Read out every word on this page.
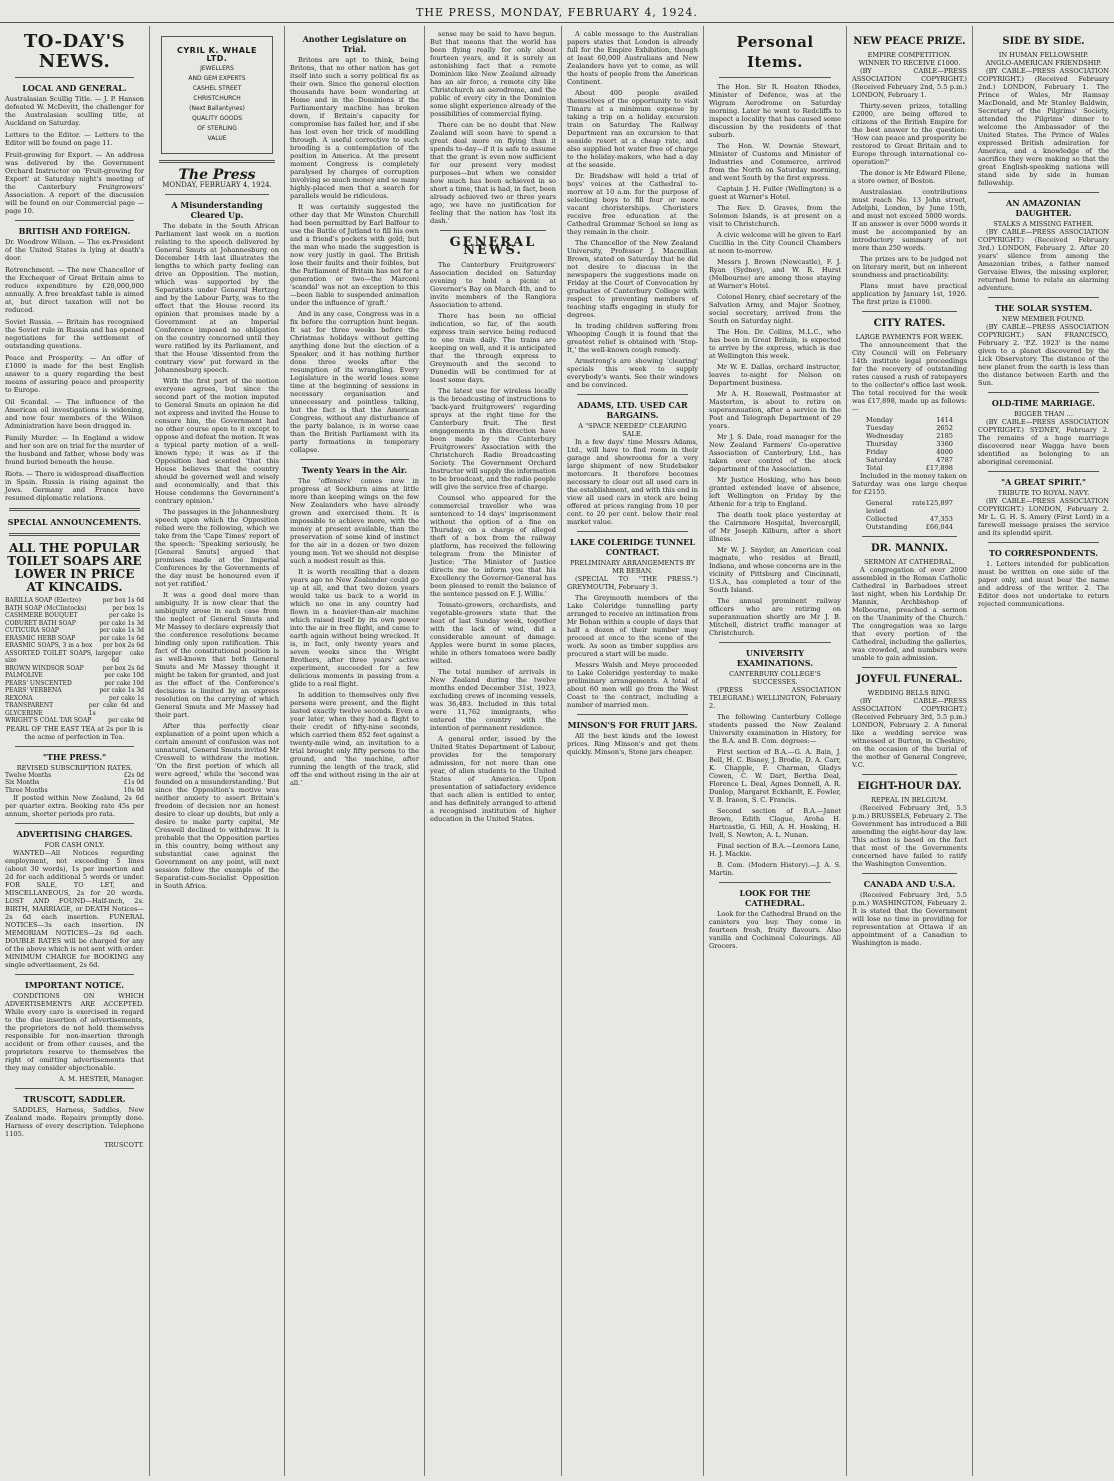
THE PRESS, MONDAY, FEBRUARY 4, 1924.
TO-DAY'S NEWS.
LOCAL AND GENERAL.
Australasian Scullig Title. — J. P. Hanson defeated W. McDevitt, the challenger for the Australasian sculling title, at Auckland on Saturday.
Letters to the Editor. — Letters to the Editor will be found on page 11.
Fruit-growing for Export. — An address was delivered by the Government Orchard Instructor on 'Fruit-growing for Export' at Saturday night's meeting of the Canterbury Fruitgrowers' Association. A report of the discussion will be found on our Commercial page — page 10.
BRITISH AND FOREIGN.
Dr. Woodrow Wilson. — The ex-President of the United States is lying at death's door.
Retrenchment. — The new Chancellor of the Exchequer of Great Britain aims to reduce expenditure by £20,000,000 annually. A free breakfast table is aimed at, but direct taxation will not be reduced.
Soviet Russia. — Britain has recognised the Soviet rule in Russia and has opened negotiations for the settlement of outstanding questions.
Peace and Prosperity. — An offer of £1000 is made for the best English answer to a query regarding the best means of assuring peace and prosperity to Europe.
Oil Scandal. — The influence of the American oil investigations is widening, and now four members of the Wilson Administration have been dragged in.
Family Murder. — In England a widow and her son are on trial for the murder of the husband and father, whose body was found buried beneath the house.
Riots. — There is widespread disaffection in Spain. Russia is rising against the Jews. Germany and France have resumed diplomatic relations.
SPECIAL ANNOUNCEMENTS.
ALL THE POPULAR TOILET SOAPS ARE LOWER IN PRICE AT KINCAIDS.
BARILLA SOAP (Electro)	per box 1s 6d
BATH SOAP (McClintocks)	per box 1s
CASHMERE BOUQUET	per cake 1s
COBURET BATH SOAP	per cake 1s 3d
CUTICURA SOAP	per cake 1s 3d
ERASMIC HERB SOAP	per cake 1s 6d
ERASMIC SOAPS, 3 in a box per box 2s 6d
ASSORTED TOILET SOAPS, large size
per cake 6d
BROWN WINDSOR SOAP	per box 2s 6d
PALMOLIVE	per cake 10d
PEARS' UNSCENTED	per cake 10d
PEARS' VERBENA	per cake 1s 3d
REXONA	per cake 1s
TRANSPARENT GLYCERINE
per cake 6d and 1s
WRIGHT'S COAL TAR SOAP	per cake 9d

PEARL OF THE EAST TEA at 2s per lb is the acme of perfection in Tea.

"THE PRESS."
REVISED SUBSCRIPTION RATES.
Twelve Months	£2s 0d
Six Months	£1s 0d
Three Months	10s 0d

If posted within New Zealand, 2s 6d per quarter extra. Booking rate 45s per annum, shorter periods pro rata.

ADVERTISING CHARGES.
FOR CASH ONLY.

WANTED—All Notices regarding employment, not exceeding 5 lines (about 30 words), 1s per insertion and 2d for each additional 5 words or under. FOR SALE, TO LET, and MISCELLANEOUS, 2s for 20 words. LOST AND FOUND—Half-inch, 2s. BIRTH, MARRIAGE, or DEATH Notices—2s 6d each insertion. FUNERAL NOTICES—3s each insertion. IN MEMORIAM NOTICES—2s 6d each. DOUBLE RATES will be charged for any of the above which is not sent with order. MINIMUM CHARGE for BOOKING any single advertisement, 2s 6d.

IMPORTANT NOTICE.

CONDITIONS ON WHICH ADVERTISEMENTS ARE ACCEPTED. While every care is exercised in regard to the due insertion of advertisements, the proprietors do not hold themselves responsible for non-insertion through accident or from other causes, and the proprietors reserve to themselves the right of omitting advertisements that they may consider objectionable.

A. M. HESTER, Manager.
TRUSCOTT, SADDLER.

SADDLES, Harness, Saddles, New Zealand made. Repairs promptly done. Harness of every description. Telephone 1105.

TRUSCOTT.
CYRIL K. WHALE LTD.
JEWELLERS
AND GEM EXPERTS
CASHEL STREET
CHRISTCHURCH
(Next Ballantynes)
QUALITY GOODS
OF STERLING
VALUE
The Press
MONDAY, FEBRUARY 4, 1924.
A Misunderstanding Cleared Up.

The debate in the South African Parliament last week on a motion relating to the speech delivered by General Smuts at Johannesburg on December 14th last illustrates the lengths to which party feeling can drive an Opposition. The motion, which was supported by the Separatists under General Hertzog and by the Labour Party, was to the effect that the House record its opinion that promises made by a Government at an Imperial Conference imposed no obligation on the country concerned until they were ratified by its Parliament, and that the House 'dissented from the contrary view' put forward in the Johannesburg speech.

With the first part of the motion everyone agrees, but since the second part of the motion imputed to General Smuts an opinion he did not express and invited the House to censure him, the Government had no other course open to it except to oppose and defeat the motion. It was a typical party motion of a well-known type; it was as if the Opposition had scented 'that this House believes that the country should be governed well and wisely and economically, and that this House condemns the Government's contrary opinion.'

The passages in the Johannesburg speech upon which the Opposition relied were the following, which we take from the 'Cape Times' report of the speech: 'Speaking seriously, he [General Smuts] argued that promises made at the Imperial Conferences by the Governments of the day must be honoured even if not yet ratified.'

It was a good deal more than ambiguity. It is now clear that the ambiguity arose in each case from the neglect of General Smuts and Mr Massey to declare expressly that the conference resolutions became binding only upon ratification. This fact of the constitutional position is as well-known that both General Smuts and Mr Massey thought it might be taken for granted, and just as the effect of the Conference's decisions is limited by an express resolution on the carrying of which General Smuts and Mr Massey had their part.

After this perfectly clear explanation of a point upon which a certain amount of confusion was not unnatural, General Smuts invited Mr Creswell to withdraw the motion. 'On the first portion of which all were agreed,' while the 'second was founded on a misunderstanding.' But since the Opposition's motive was neither anxiety to assert Britain's freedom of decision nor an honest desire to clear up doubts, but only a desire to make party capital, Mr Creswell declined to withdraw. It is probable that the Opposition parties in this country, being without any substantial case against the Government on any point, will next session follow the example of the Separatist-cum-Socialist Opposition in South Africa.

Another Legislature on Trial.

Britons are apt to think, being Britons, that no other nation has got itself into such a sorry political fix as their own. Since the general election thousands have been wondering at Home and in the Dominions if the Parliamentary machine has broken down, if Britain's capacity for compromise has failed her, and if she has lost even her trick of muddling through. A useful corrective to such brooding is a contemplation of the position in America. At the present moment Congress is completely paralysed by charges of corruption involving so much money and so many highly-placed men that a search for parallels would be ridiculous.

It was certainly suggested the other day that Mr Winston Churchill had been permitted by Earl Balfour to use the Battle of Jutland to fill his own and a friend's pockets with gold; but the man who made the suggestion is now very justly in gaol. The British lose their faults and their foibles, but the Parliament of Britain has not for a generation or two—the Marconi 'scandal' was not an exception to this—been liable to suspended animation under the influence of 'graft.'

And in any case, Congress was in a fix before the corruption hunt began. It sat for three weeks before the Christmas holidays without getting anything done but the election of a Speaker, and it has nothing further done three weeks after the resumption of its wrangling. Every Legislature in the world loses some time at the beginning of sessions in necessary organisation and unnecessary and pointless talking, but the fact is that the American Congress, without any disturbance of the party balance, is in worse case than the British Parliament with its party formations in temporary collapse.

Twenty Years in the Air.

The 'offensive' comes now in progress at Sockburn aims at little more than keeping wings on the few New Zealanders who have already grown and exercised them. It is impossible to achieve more, with the money at present available, than the preservation of some kind of instinct for the air in a dozen or two dozen young men. Yet we should not despise such a modest result as this.

It is worth recalling that a dozen years ago no New Zealander could go up at all, and that two dozen years would take us back to a world in which no one in any country had flown in a heavier-than-air machine which raised itself by its own power into the air in free flight, and came to earth again without being wrecked. It is, in fact, only twenty years and seven weeks since the Wright Brothers, after three years' active experiment, succeeded for a few delicious moments in passing from a glide to a real flight.

In addition to themselves only five persons were present, and the flight lasted exactly twelve seconds. Even a year later, when they had a flight to their credit of fifty-nine seconds, which carried them 852 feet against a twenty-mile wind, an invitation to a trial brought only fifty persons to the ground, and 'the machine, after running the length of the track, slid off the end without rising in the air at all.'

sense may be said to have begun. But that means that the world has been flying really for only about fourteen years, and it is surely an astonishing fact that a remote Dominion like New Zealand already has an air force, a remote city like Christchurch an aerodrome, and the public of every city in the Dominion some slight experience already of the possibilities of commercial flying.

There can be no doubt that New Zealand will soon have to spend a great deal more on flying than it spends to-day—if it is safe to assume that the grant is even now sufficient for our present very modest purposes—but when we consider how much has been achieved in so short a time, that is had, in fact, been already achieved two or three years ago, we have no justification for feeling that the nation has 'lost its dash.'

GENERAL NEWS.

The Canterbury Fruitgrowers' Association decided on Saturday evening to hold a picnic at Governor's Bay on March 4th, and to invite members of the Rangiora Association to attend.

There has been no official indication, so far, of the south express train service being reduced to one train daily. The trains are keeping on well, and it is anticipated that the through express to Greymouth and the second to Dunedin will be continued for at least some days.

The latest use for wireless locally is the broadcasting of instructions to 'back-yard fruitgrowers' regarding sprays at the right time for the Canterbury fruit. The first engagements in this direction have been made by the Canterbury Fruitgrowers' Association with the Christchurch Radio Broadcasting Society. The Government Orchard Instructor will supply the information to be broadcast, and the radio people will give the service free of charge.

Counsel who appeared for the commercial traveller who was sentenced to 14 days' imprisonment without the option of a fine on Thursday, on a charge of alleged theft of a box from the railway platform, has received the following telegram from the Minister of Justice: 'The Minister of Justice directs me to inform you that his Excellency the Governor-General has been pleased to remit the balance of the sentence passed on F. J. Willis.'

Tomato-growers, orchardists, and vegetable-growers state that the heat of last Sunday week, together with the lack of wind, did a considerable amount of damage. Apples were burnt in some places, while in others tomatoes were badly wilted.

The total number of arrivals in New Zealand during the twelve months ended December 31st, 1923, excluding crews of incoming vessels, was 36,483. Included in this total were 11,762 immigrants, who entered the country with the intention of permanent residence.

A general order, issued by the United States Department of Labour, provides for the temporary admission, for not more than one year, of alien students to the United States of America. Upon presentation of satisfactory evidence that each alien is entitled to enter, and has definitely arranged to attend a recognised institution of higher education in the United States.

A cable message to the Australian papers states that London is already full for the Empire Exhibition, though at least 60,000 Australians and New Zealanders have yet to come, as will the hosts of people from the American Continent.

About 400 people availed themselves of the opportunity to visit Timaru at a minimum expense by taking a trip on a holiday excursion train on Saturday. The Railway Department ran an excursion to that seaside resort at a cheap rate, and also supplied hot water free of charge to the holiday-makers, who had a day at the seaside.

Dr. Bradshaw will hold a trial of boys' voices at the Cathedral to-morrow at 10 a.m. for the purpose of selecting boys to fill four or more vacant choristerships. Choristers receive free education at the Cathedral Grammar School so long as they remain in the choir.

The Chancellor of the New Zealand University, Professor J. Macmillan Brown, stated on Saturday that he did not desire to discuss in the newspapers the suggestions made on Friday at the Court of Convocation by graduates of Canterbury College with respect to preventing members of teaching staffs engaging in study for degrees.

In trading children suffering from Whooping Cough it is found that the greatest relief is obtained with 'Stop-It,' the well-known cough remedy.

Armstrong's are showing 'clearing' specials this week to supply everybody's wants. See their windows and be convinced.

ADAMS, LTD. USED CAR BARGAINS.
A "SPACE NEEDED" CLEARING SALE.

In a few days' time Messrs Adams, Ltd., will have to find room in their garage and showrooms for a very large shipment of new Studebaker motorcars. It therefore becomes necessary to clear out all used cars in the establishment, and with this end in view all used cars in stock are being offered at prices ranging from 10 per cent. to 20 per cent. below their real market value.

LAKE COLERIDGE TUNNEL CONTRACT.
PRELIMINARY ARRANGEMENTS BY MR BEBAN.

(SPECIAL TO "THE PRESS.") GREYMOUTH, February 3.

The Greymouth members of the Lake Coleridge tunnelling party arranged to receive an intimation from Mr Beban within a couple of days that half a dozen of their number may proceed at once to the scene of the work. As soon as timber supplies are procured a start will be made.

Messrs Walsh and Meye proceeded to Lake Coleridge yesterday to make preliminary arrangements. A total of about 60 men will go from the West Coast to the contract, including a number of married men.

MINSON'S FOR FRUIT JARS.

All the best kinds and the lowest prices. Ring Minson's and get them quickly. Minson's, Stone jars cheaper.

Personal Items.

The Hon. Sir R. Heaton Rhodes, Minister of Defence, was at the Wigram Aerodrome on Saturday morning. Later he went to Redcliffs to inspect a locality that has caused some discussion by the residents of that suburb.

The Hon. W. Downie Stewart, Minister of Customs and Minister of Industries and Commerce, arrived from the North on Saturday morning, and went South by the first express.

Captain J. H. Fuller (Wellington) is a guest at Warner's Hotel.

The Rev. D. Graves, from the Solomon Islands, is at present on a visit to Christchurch.

A civic welcome will be given to Earl Cucillia in the City Council Chambers at noon to-morrow.

Messrs J. Brown (Newcastle), F. J. Ryan (Sydney), and W. R. Hurst (Melbourne) are among those staying at Warner's Hotel.

Colonel Henry, chief secretary of the Salvation Army, and Major Scotney, social secretary, arrived from the South on Saturday night.

The Hon. Dr. Collins, M.L.C., who has been in Great Britain, is expected to arrive by the express, which is due at Wellington this week.

Mr W. E. Dallas, orchard instructor, leaves to-night for Nelson on Department business.

Mr A. H. Rosewall, Postmaster at Masterton, is about to retire on superannuation, after a service in the Post and Telegraph Department of 29 years.

Mr J. S. Dale, road manager for the New Zealand Farmers' Co-operative Association of Canterbury, Ltd., has taken over control of the stock department of the Association.

Mr Justice Hosking, who has been granted extended leave of absence, left Wellington on Friday by the Athenic for a trip to England.

The death took place yesterday at the Cairnmore Hospital, Invercargill, of Mr Joseph Kilburn, after a short illness.

Mr W. J. Snyder, an American coal magnate, who resides at Brazil, Indiana, and whose concerns are in the vicinity of Pittsburg and Cincinnati, U.S.A., has completed a tour of the South Island.

The annual prominent railway officers who are retiring on superannuation shortly are Mr J. B. Mitchell, district traffic manager at Christchurch.

UNIVERSITY EXAMINATIONS.
CANTERBURY COLLEGE'S SUCCESSES.

(PRESS ASSOCIATION TELEGRAM.) WELLINGTON, February 2.

The following Canterbury College students passed the New Zealand University examination in History, for the B.A. and B. Com. degrees:—

First section of B.A.—G. A. Bain, J. Bell, H. C. Bisney, J. Brodie, D. A. Carr, K. Chapple, F. Charman, Gladys Cowen, C. W. Dart, Bertha Deal, Florence L. Deal, Agnes Donnell, A. R. Dunlop, Margaret Eckhardt, E. Fowler, V. B. Iraeon, S. C. Francis.

Second section of B.A.—Janet Brown, Edith Clague, Aroha H. Hartcastle, G. Hill, A. H. Hosking, H. Ivell, S. Newton, A. L. Nunan.

Final section of B.A.—Leonora Lane, H. J. Mackie.

B. Com. (Modern History).—J. A. S. Martin.

LOOK FOR THE CATHEDRAL.

Look for the Cathedral Brand on the canisters you buy. They come in fourteen fresh, fruity flavours. Also vanilla and Cochineal Colourings. All Grocers.

NEW PEACE PRIZE.
EMPIRE COMPETITION.
WINNER TO RECEIVE £1000.

(BY CABLE—PRESS ASSOCIATION COPYRIGHT.) (Received February 2nd, 5.5 p.m.) LONDON, February 1.

Thirty-seven prizes, totalling £2000, are being offered to citizens of the British Empire for the best answer to the question: 'How can peace and prosperity be restored to Great Britain and to Europe through international co-operation?'

The donor is Mr Edward Filene, a store owner, of Boston.

Australasian contributions must reach No. 13 John street, Adelphi, London, by June 15th, and must not exceed 5000 words. If an answer is over 5000 words it must be accompanied by an introductory summary of not more than 250 words.

The prizes are to be judged not on literary merit, but on inherent soundness and practicability.

Plans must have practical application by January 1st, 1926. The first prize is £1000.

CITY RATES.
LARGE PAYMENTS FOR WEEK.

The announcement that the City Council will on February 14th institute legal proceedings for the recovery of outstanding rates caused a rush of ratepayers to the collector's office last week. The total received for the week was £17,898, made up as follows:—

Monday	1414
Tuesday	2652
Wednesday	2185
Thursday	3360
Friday	4000
Saturday	4787
Total	£17,898

Included in the money taken on Saturday was one large cheque for £2155.

General rate levied
125,897
Collected	47,353
Outstanding	£66,044
DR. MANNIX.
SERMON AT CATHEDRAL.

A congregation of over 2000 assembled in the Roman Catholic Cathedral in Barbadoes street last night, when his Lordship Dr. Mannix, Archbishop of Melbourne, preached a sermon on the 'Unanimity of the Church.' The congregation was so large that every portion of the Cathedral, including the galleries, was crowded, and numbers were unable to gain admission.

JOYFUL FUNERAL.
WEDDING BELLS RING.

(BY CABLE—PRESS ASSOCIATION COPYRIGHT.) (Received February 3rd, 5.5 p.m.) LONDON, February 2. A funeral like a wedding service was witnessed at Burton, in Cheshire, on the occasion of the burial of the mother of General Congreve, V.C.

EIGHT-HOUR DAY.
REPEAL IN BELGIUM.

(Received February 3rd, 5.5 p.m.) BRUSSELS, February 2. The Government has introduced a Bill amending the eight-hour day law. This action is based on the fact that most of the Governments concerned have failed to ratify the Washington Convention.

CANADA AND U.S.A.

(Received February 3rd, 5.5 p.m.) WASHINGTON, February 2. It is stated that the Government will lose no time in providing for representation at Ottawa if an appointment of a Canadian to Washington is made.

SIDE BY SIDE.
IN HUMAN FELLOWSHIP.
ANGLO-AMERICAN FRIENDSHIP.

(BY CABLE—PRESS ASSOCIATION COPYRIGHT.) (Received February 2nd.) LONDON, February 1. The Prince of Wales, Mr Ramsay MacDonald, and Mr Stanley Baldwin, Secretary of the Pilgrims' Society, attended the Pilgrims' dinner to welcome the Ambassador of the United States. The Prince of Wales expressed British admiration for America, and a knowledge of the sacrifice they were making so that the great English-speaking nations will stand side by side in human fellowship.

AN AMAZONIAN DAUGHTER.
STALKS A MISSING FATHER.

(BY CABLE—PRESS ASSOCIATION COPYRIGHT.) (Received February 3rd.) LONDON, February 2. After 20 years' silence from among the Amazonian tribes, a father named Gervaise Elwes, the missing explorer, returned home to relate an alarming adventure.

THE SOLAR SYSTEM.
NEW MEMBER FOUND.

(BY CABLE—PRESS ASSOCIATION COPYRIGHT.) SAN FRANCISCO, February 2. 'P.Z. 1923' is the name given to a planet discovered by the Lick Observatory. The distance of the new planet from the earth is less than the distance between Earth and the Sun.

OLD-TIME MARRIAGE.
BIGGER THAN ...

(BY CABLE—PRESS ASSOCIATION COPYRIGHT.) SYDNEY, February 2. The remains of a huge marriage discovered near Wagga have been identified as belonging to an aboriginal ceremonial.

"A GREAT SPIRIT."
TRIBUTE TO ROYAL NAVY.

(BY CABLE—PRESS ASSOCIATION COPYRIGHT.) LONDON, February 2. Mr L. G. H. S. Amery (First Lord) in a farewell message praises the service and its splendid spirit.

TO CORRESPONDENTS.

1. Letters intended for publication must be written on one side of the paper only, and must bear the name and address of the writer. 2. The Editor does not undertake to return rejected communications.
